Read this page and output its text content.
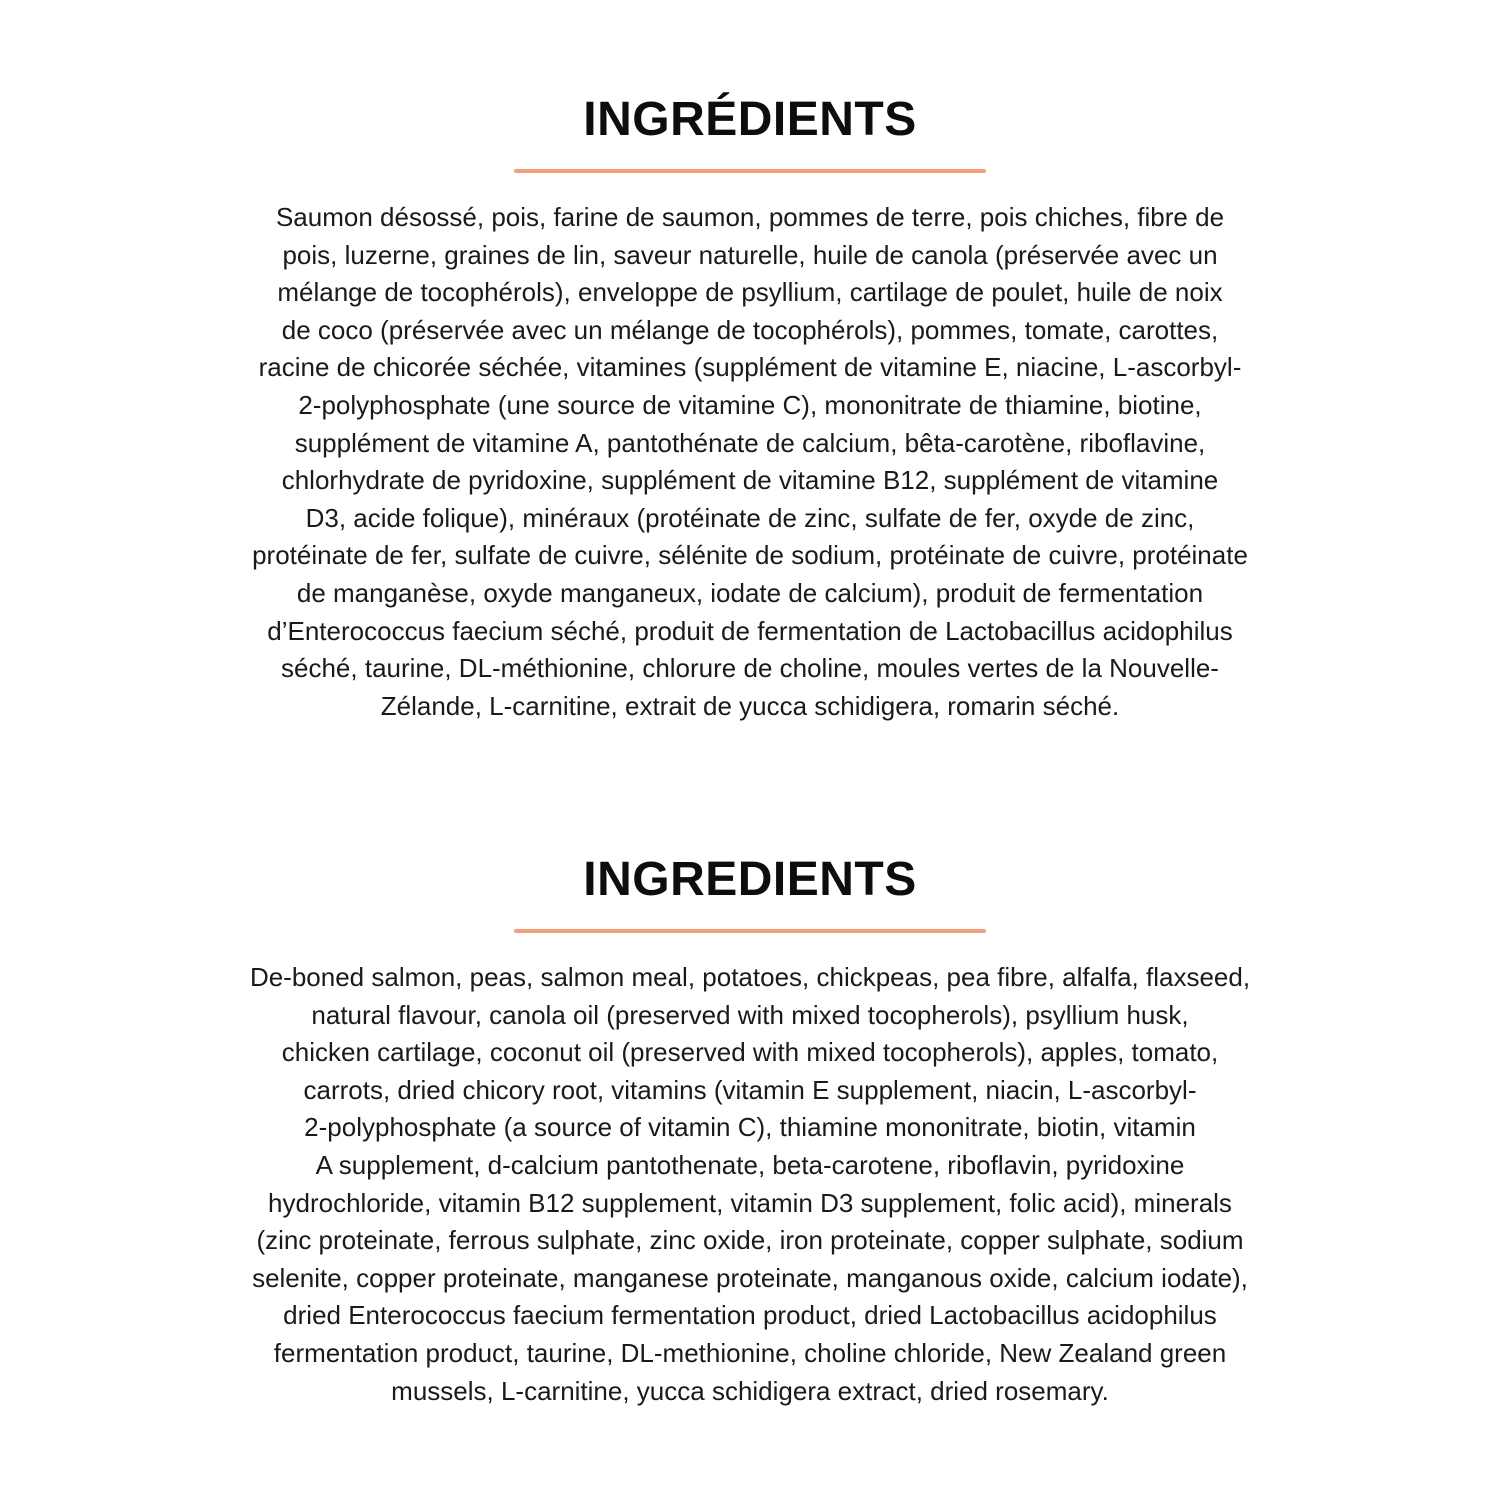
INGRÉDIENTS

Saumon désossé, pois, farine de saumon, pommes de terre, pois chiches, fibre de
pois, luzerne, graines de lin, saveur naturelle, huile de canola (préservée avec un
mélange de tocophérols), enveloppe de psyllium, cartilage de poulet, huile de noix
de coco (préservée avec un mélange de tocophérols), pommes, tomate, carottes,
racine de chicorée séchée, vitamines (supplément de vitamine E, niacine, L-ascorbyl-
2-polyphosphate (une source de vitamine C), mononitrate de thiamine, biotine,
supplément de vitamine A, pantothénate de calcium, bêta-carotène, riboflavine,
chlorhydrate de pyridoxine, supplément de vitamine B12, supplément de vitamine
D3, acide folique), minéraux (protéinate de zinc, sulfate de fer, oxyde de zinc,
protéinate de fer, sulfate de cuivre, sélénite de sodium, protéinate de cuivre, protéinate
de manganèse, oxyde manganeux, iodate de calcium), produit de fermentation
d’Enterococcus faecium séché, produit de fermentation de Lactobacillus acidophilus
séché, taurine, DL-méthionine, chlorure de choline, moules vertes de la Nouvelle-
Zélande, L-carnitine, extrait de yucca schidigera, romarin séché.

INGREDIENTS

De-boned salmon, peas, salmon meal, potatoes, chickpeas, pea fibre, alfalfa, flaxseed,
natural flavour, canola oil (preserved with mixed tocopherols), psyllium husk,
chicken cartilage, coconut oil (preserved with mixed tocopherols), apples, tomato,
carrots, dried chicory root, vitamins (vitamin E supplement, niacin, L-ascorbyl-
2-polyphosphate (a source of vitamin C), thiamine mononitrate, biotin, vitamin
A supplement, d-calcium pantothenate, beta-carotene, riboflavin, pyridoxine
hydrochloride, vitamin B12 supplement, vitamin D3 supplement, folic acid), minerals
(zinc proteinate, ferrous sulphate, zinc oxide, iron proteinate, copper sulphate, sodium
selenite, copper proteinate, manganese proteinate, manganous oxide, calcium iodate),
dried Enterococcus faecium fermentation product, dried Lactobacillus acidophilus
fermentation product, taurine, DL-methionine, choline chloride, New Zealand green
mussels, L-carnitine, yucca schidigera extract, dried rosemary.
